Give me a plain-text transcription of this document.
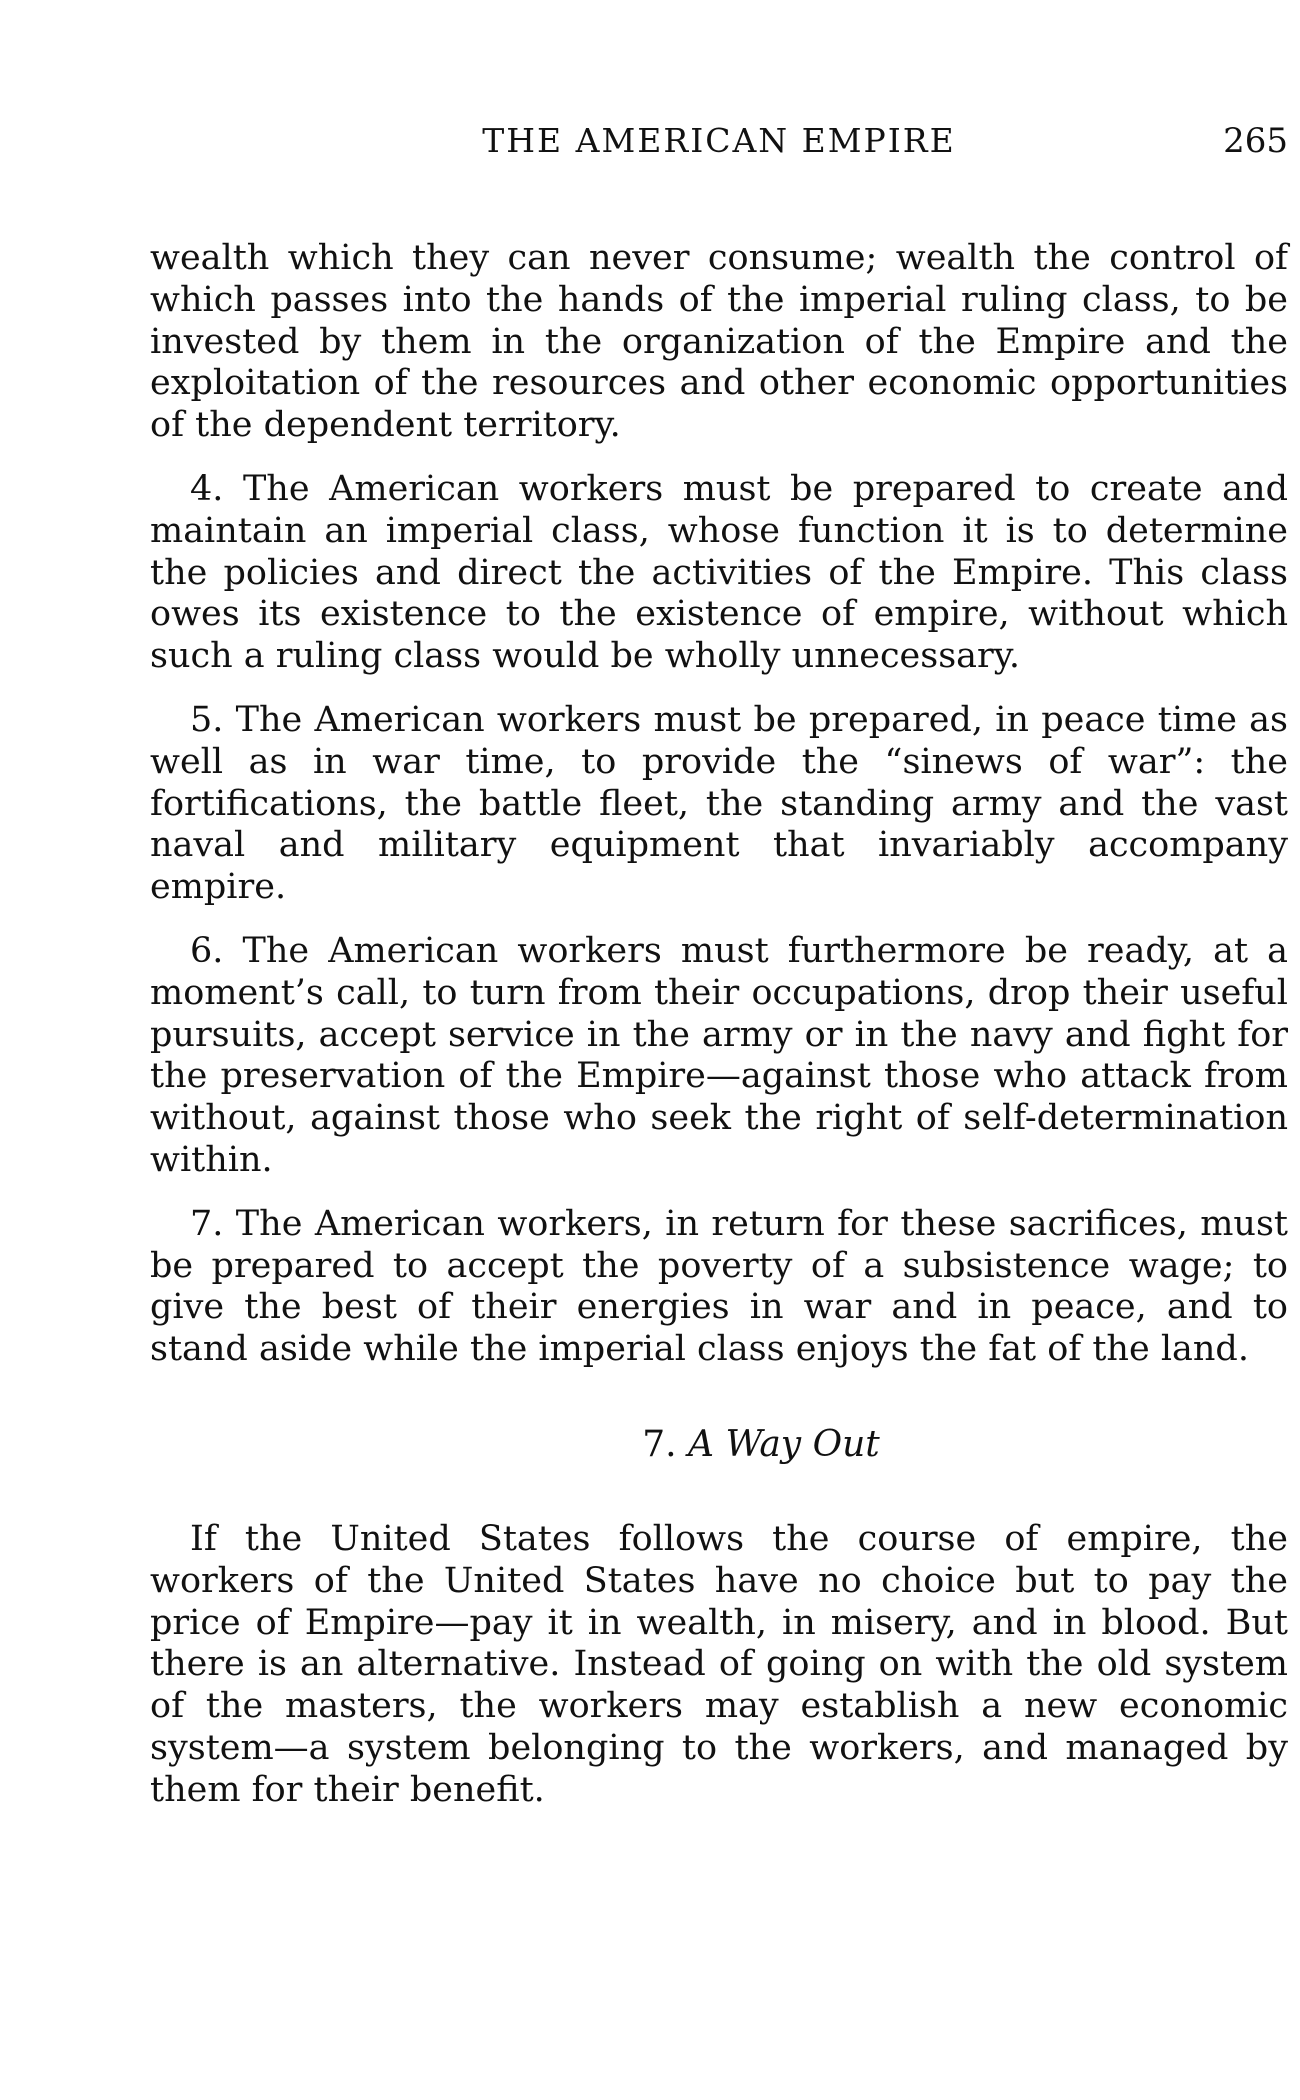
THE AMERICAN EMPIRE	265

wealth which they can never consume; wealth the control of which passes into the hands of the imperial ruling class, to be invested by them in the organization of the Empire and the exploitation of the resources and other economic opportunities of the dependent territory.

4. The American workers must be prepared to create and maintain an imperial class, whose function it is to determine the policies and direct the activities of the Empire. This class owes its existence to the existence of empire, without which such a ruling class would be wholly unnecessary.

5. The American workers must be prepared, in peace time as well as in war time, to provide the “sinews of war”: the fortifications, the battle fleet, the standing army and the vast naval and military equipment that invariably accompany empire.

6. The American workers must furthermore be ready, at a moment’s call, to turn from their occupations, drop their useful pursuits, accept service in the army or in the navy and fight for the preservation of the Empire—against those who attack from without, against those who seek the right of self-determination within.

7. The American workers, in return for these sacrifices, must be prepared to accept the poverty of a subsistence wage; to give the best of their energies in war and in peace, and to stand aside while the imperial class enjoys the fat of the land.

7. A Way Out

If the United States follows the course of empire, the workers of the United States have no choice but to pay the price of Empire—pay it in wealth, in misery, and in blood. But there is an alternative. Instead of going on with the old system of the masters, the workers may establish a new economic system—a system belonging to the workers, and managed by them for their benefit.
